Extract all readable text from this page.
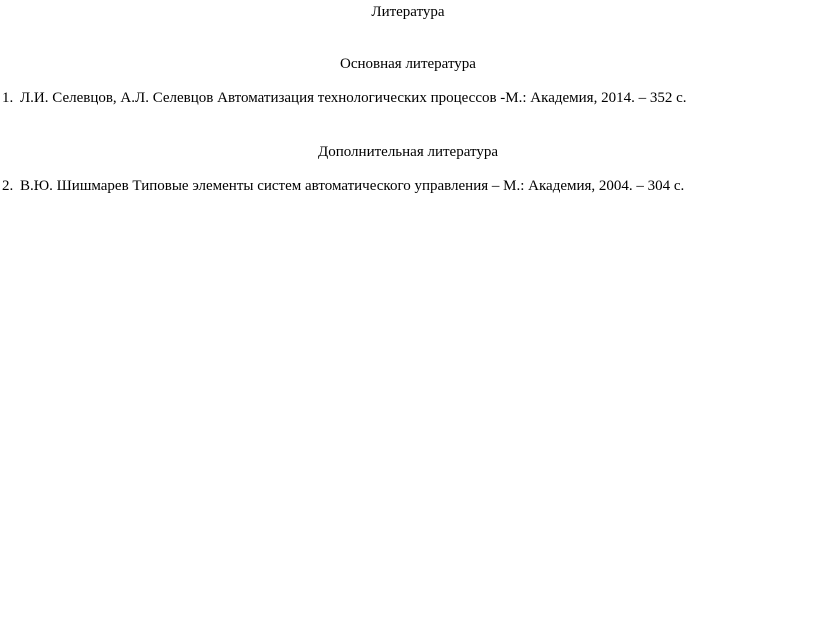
Литература
Основная литература
1. Л.И. Селевцов, А.Л. Селевцов Автоматизация технологических процессов -М.: Академия, 2014. – 352 с.
Дополнительная литература
2. В.Ю. Шишмарев Типовые элементы систем автоматического управления – М.: Академия, 2004. – 304 с.
